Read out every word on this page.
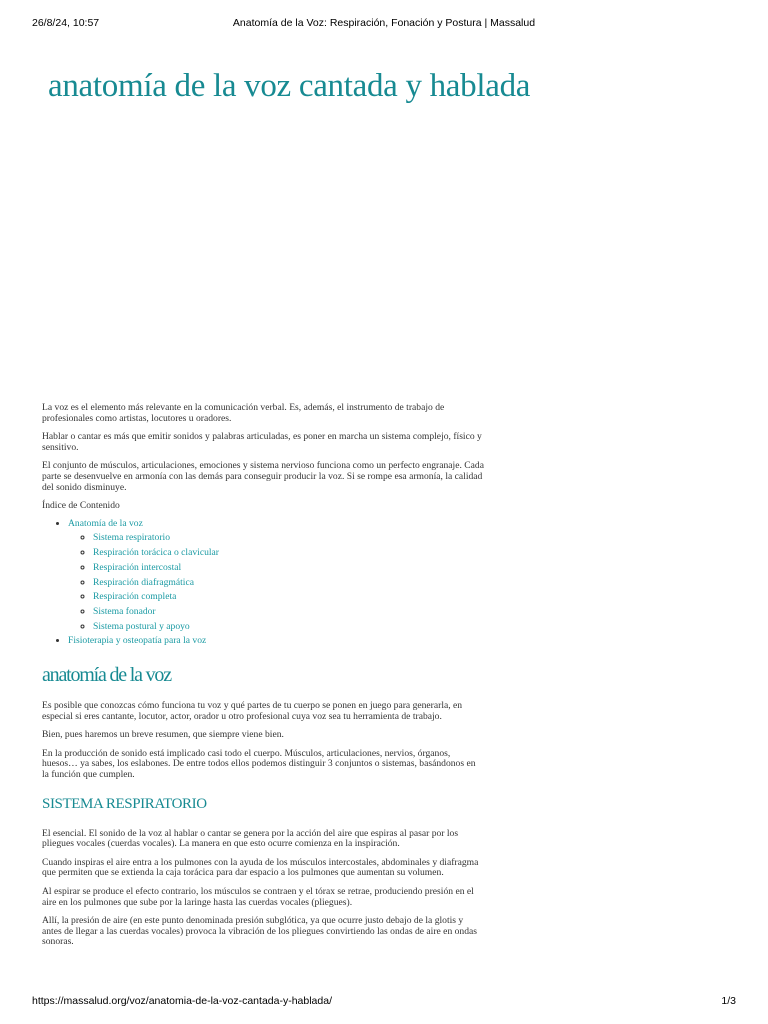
26/8/24, 10:57	Anatomía de la Voz: Respiración, Fonación y Postura | Massalud
anatomía de la voz cantada y hablada

La voz es el elemento más relevante en la comunicación verbal. Es, además, el instrumento de trabajo de profesionales como artistas, locutores u oradores.

Hablar o cantar es más que emitir sonidos y palabras articuladas, es poner en marcha un sistema complejo, físico y sensitivo.

El conjunto de músculos, articulaciones, emociones y sistema nervioso funciona como un perfecto engranaje. Cada parte se desenvuelve en armonía con las demás para conseguir producir la voz. Si se rompe esa armonía, la calidad del sonido disminuye.

Índice de Contenido

• Anatomía de la voz
◦ Sistema respiratorio
◦ Respiración torácica o clavicular
◦ Respiración intercostal
◦ Respiración diafragmática
◦ Respiración completa
◦ Sistema fonador
◦ Sistema postural y apoyo
• Fisioterapia y osteopatía para la voz
anatomía de la voz

Es posible que conozcas cómo funciona tu voz y qué partes de tu cuerpo se ponen en juego para generarla, en especial si eres cantante, locutor, actor, orador u otro profesional cuya voz sea tu herramienta de trabajo.

Bien, pues haremos un breve resumen, que siempre viene bien.

En la producción de sonido está implicado casi todo el cuerpo. Músculos, articulaciones, nervios, órganos, huesos… ya sabes, los eslabones. De entre todos ellos podemos distinguir 3 conjuntos o sistemas, basándonos en la función que cumplen.

SISTEMA RESPIRATORIO

El esencial. El sonido de la voz al hablar o cantar se genera por la acción del aire que espiras al pasar por los pliegues vocales (cuerdas vocales). La manera en que esto ocurre comienza en la inspiración.

Cuando inspiras el aire entra a los pulmones con la ayuda de los músculos intercostales, abdominales y diafragma que permiten que se extienda la caja torácica para dar espacio a los pulmones que aumentan su volumen.

Al espirar se produce el efecto contrario, los músculos se contraen y el tórax se retrae, produciendo presión en el aire en los pulmones que sube por la laringe hasta las cuerdas vocales (pliegues).

Allí, la presión de aire (en este punto denominada presión subglótica, ya que ocurre justo debajo de la glotis y antes de llegar a las cuerdas vocales) provoca la vibración de los pliegues convirtiendo las ondas de aire en ondas sonoras.

https://massalud.org/voz/anatomia-de-la-voz-cantada-y-hablada/	1/3
